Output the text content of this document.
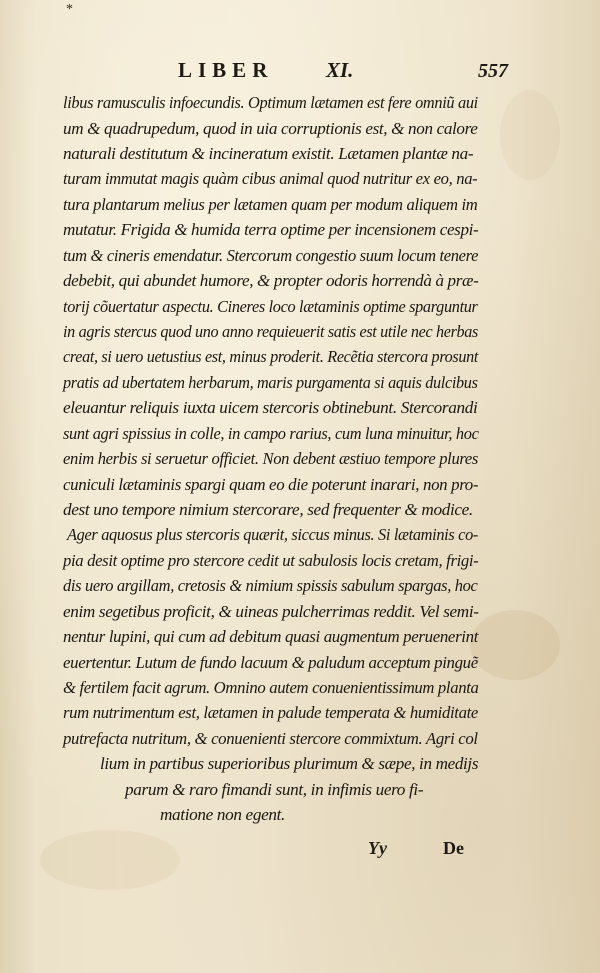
*
LIBER	XI.	557
libus ramusculis infoecundis. Optimum lætamen est fere omniũ aui
um & quadrupedum, quod in uia corruptionis est, & non calore
naturali destitutum & incineratum existit. Lætamen plantæ na-
turam immutat magis quàm cibus animal quod nutritur ex eo, na-
tura plantarum melius per lætamen quam per modum aliquem im
mutatur. Frigida & humida terra optime per incensionem cespi-
tum & cineris emendatur. Stercorum congestio suum locum tenere
debebit, qui abundet humore, & propter odoris horrendà à præ-
torij cõuertatur aspectu. Cineres loco lætaminis optime sparguntur
in agris stercus quod uno anno requieuerit satis est utile nec herbas
creat, si uero uetustius est, minus proderit. Recẽtia stercora prosunt
pratis ad ubertatem herbarum, maris purgamenta si aquis dulcibus
eleuantur reliquis iuxta uicem stercoris obtinebunt. Stercorandi
sunt agri spissius in colle, in campo rarius, cum luna minuitur, hoc
enim herbis si seruetur officiet. Non debent æstiuo tempore plures
cuniculi lætaminis spargi quam eo die poterunt inarari, non pro-
dest uno tempore nimium stercorare, sed frequenter & modice.
Ager aquosus plus stercoris quærit, siccus minus. Si lætaminis co-
pia desit optime pro stercore cedit ut sabulosis locis cretam, frigi-
dis uero argillam, cretosis & nimium spissis sabulum spargas, hoc
enim segetibus proficit, & uineas pulcherrimas reddit. Vel semi-
nentur lupini, qui cum ad debitum quasi augmentum peruenerint
euertentur. Lutum de fundo lacuum & paludum acceptum pinguẽ
& fertilem facit agrum. Omnino autem conuenientissimum planta
rum nutrimentum est, lætamen in palude temperata & humiditate
putrefacta nutritum, & conuenienti stercore commixtum. Agri col
lium in partibus superioribus plurimum & sæpe, in medijs
parum & raro fimandi sunt, in infimis uero fi-
matione non egent.
Yy	De
